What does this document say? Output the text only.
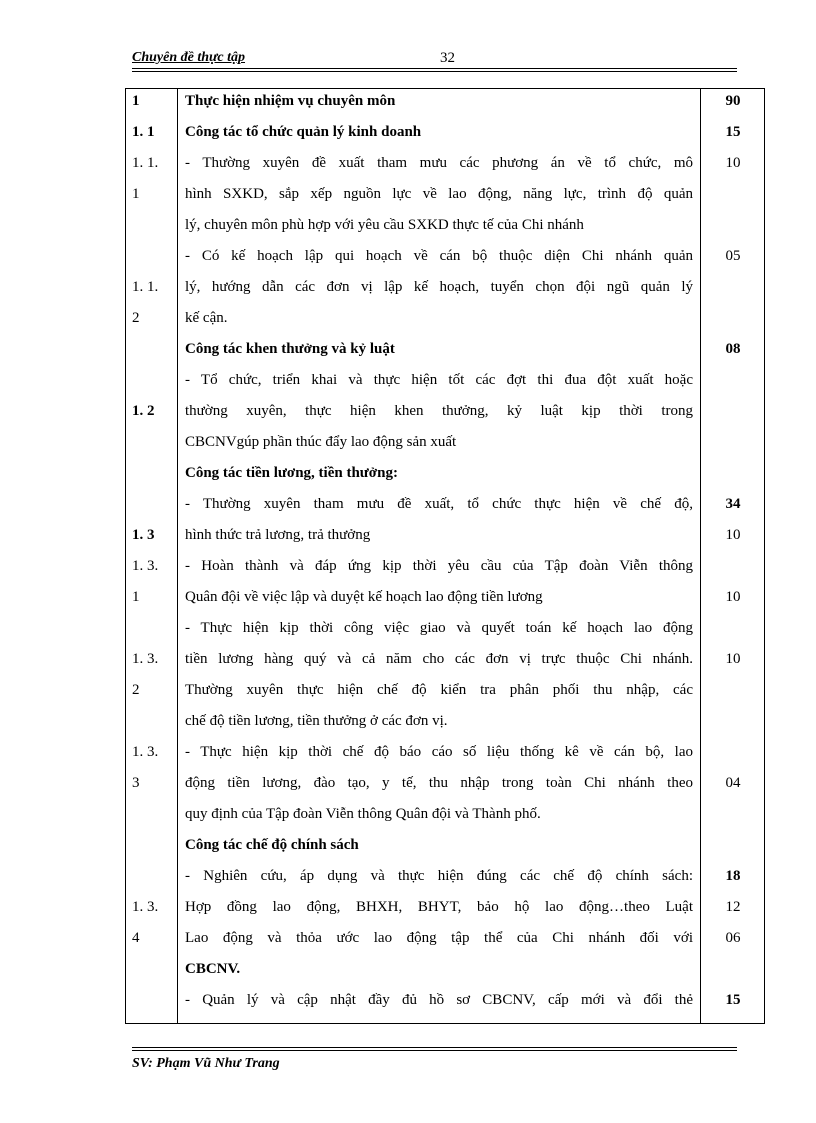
Chuyên đề thực tập	32
1
1. 1
1. 1.
1
1. 1.
2
1. 2
1. 3
1. 3.
1
1. 3.
2
1. 3.
3
1. 3.
4
Thực hiện nhiệm vụ chuyên môn
Công tác tổ chức quản lý kinh doanh
- Thường xuyên đề xuất tham mưu các phương án về tổ chức, mô
hình SXKD, sắp xếp nguồn lực về lao động, năng lực, trình độ quản
lý, chuyên môn phù hợp với yêu cầu SXKD thực tế của Chi nhánh
- Có kế hoạch lập qui hoạch về cán bộ thuộc diện Chi nhánh quản
lý, hướng dẫn các đơn vị lập kế hoạch, tuyển chọn đội ngũ quản lý
kế cận.
Công tác khen thưởng và kỷ luật
- Tổ chức, triển khai và thực hiện tốt các đợt thi đua đột xuất hoặc
thường xuyên, thực hiện khen thưởng, kỷ luật kịp thời trong
CBCNVgúp phần thúc đẩy lao động sản xuất
Công tác tiền lương, tiền thưởng:
- Thường xuyên tham mưu đề xuất, tổ chức thực hiện về chế độ,
hình thức trả lương, trả thưởng
- Hoàn thành và đáp ứng kịp thời yêu cầu của Tập đoàn Viễn thông
Quân đội về việc lập và duyệt kế hoạch lao động tiền lương
- Thực hiện kịp thời công việc giao và quyết toán kế hoạch lao động
tiền lương hàng quý và cả năm cho các đơn vị trực thuộc Chi nhánh.
Thường xuyên thực hiện chế độ kiển tra phân phối thu nhập, các
chế độ tiền lương, tiền thưởng ở các đơn vị.
- Thực hiện kịp thời chế độ báo cáo số liệu thống kê về cán bộ, lao
động tiền lương, đào tạo, y tế, thu nhập trong toàn Chi nhánh theo
quy định của Tập đoàn Viễn thông Quân đội và Thành phố.
Công tác chế độ chính sách
- Nghiên cứu, áp dụng và thực hiện đúng các chế độ chính sách:
Hợp đồng lao động, BHXH, BHYT, bảo hộ lao động…theo Luật
Lao động và thỏa ước lao động tập thể của Chi nhánh đối với
CBCNV.
- Quản lý và cập nhật đầy đủ hồ sơ CBCNV, cấp mới và đổi thẻ
90
15
10
05
08
34
10
10
10
04
18
12
06
15
SV: Phạm Vũ Như Trang
